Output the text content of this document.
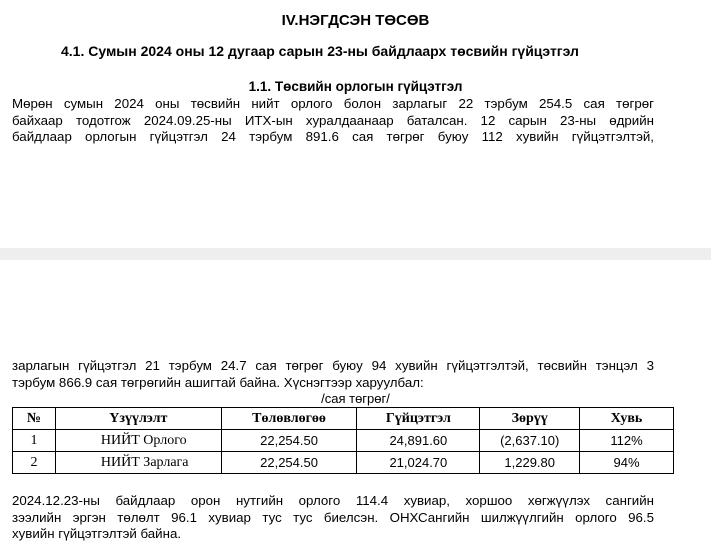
IV.НЭГДСЭН ТӨСӨВ
4.1. Сумын 2024 оны 12 дугаар сарын 23-ны байдлаарх төсвийн гүйцэтгэл
1.1. Төсвийн орлогын гүйцэтгэл
Мөрөн сумын 2024 оны төсвийн нийт орлого болон зарлагыг 22 тэрбум 254.5 сая төгрөг
байхаар тодотгож 2024.09.25-ны ИТХ-ын хуралдаанаар баталсан. 12 сарын 23-ны өдрийн
байдлаар орлогын гүйцэтгэл 24 тэрбум 891.6 сая төгрөг буюу 112 хувийн гүйцэтгэлтэй,
зарлагын гүйцэтгэл 21 тэрбум 24.7 сая төгрөг буюу 94 хувийн гүйцэтгэлтэй, төсвийн тэнцэл 3
тэрбум 866.9 сая төгрөгийн ашигтай байна. Хүснэгтээр харуулбал:
/сая төгрөг/
№	Үзүүлэлт	Төлөвлөгөө	Гүйцэтгэл	Зөрүү	Хувь
1	НИЙТ Орлого	22,254.50	24,891.60	(2,637.10)	112%
2	НИЙТ Зарлага	22,254.50	21,024.70	1,229.80	94%
2024.12.23-ны байдлаар орон нутгийн орлого 114.4 хувиар, хоршоо хөгжүүлэх сангийн
зээлийн эргэн төлөлт 96.1 хувиар тус тус биелсэн. ОНХСангийн шилжүүлгийн орлого 96.5
хувийн гүйцэтгэлтэй байна.
